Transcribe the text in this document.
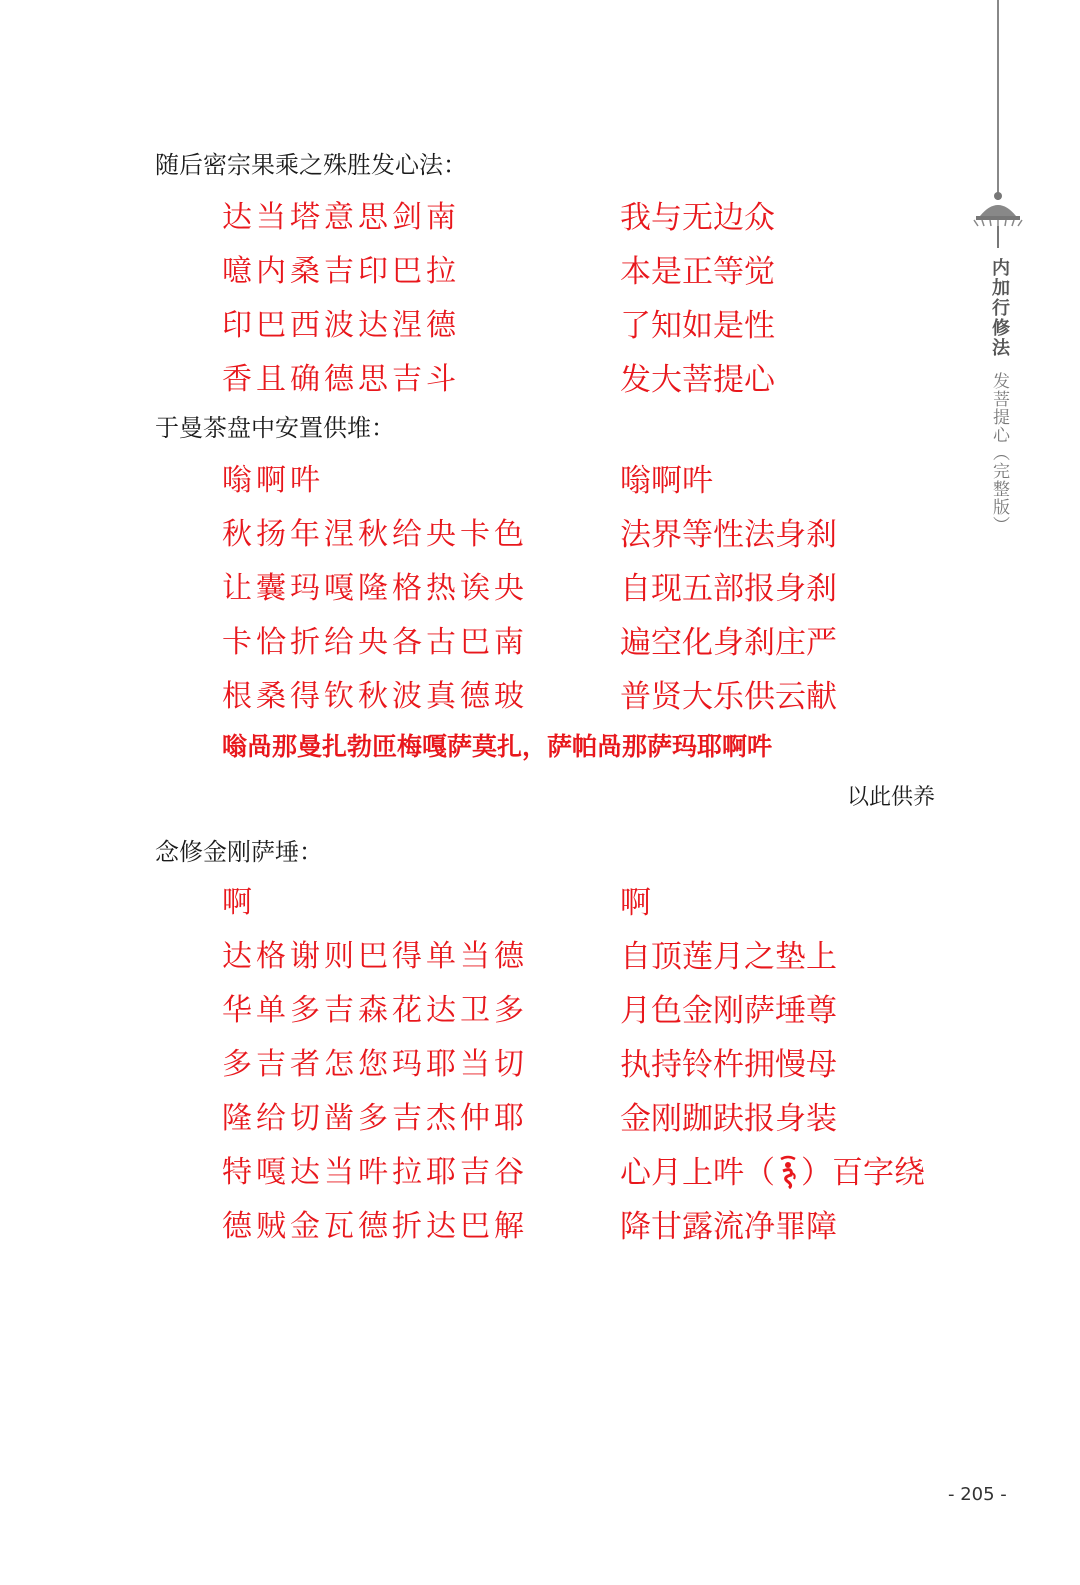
内加行修法
发菩提心（完整版）
随后密宗果乘之殊胜发心法：
达当塔意思剑南	我与无边众
噫内桑吉印巴拉	本是正等觉
印巴西波达涅德	了知如是性
香且确德思吉斗	发大菩提心
于曼茶盘中安置供堆：
嗡啊吽	嗡啊吽
秋扬年涅秋给央卡色	法界等性法身刹
让囊玛嘎隆格热诶央	自现五部报身刹
卡恰折给央各古巴南	遍空化身刹庄严
根桑得钦秋波真德玻	普贤大乐供云献
嗡咼那曼扎勃匝梅嘎萨莫扎，萨帕咼那萨玛耶啊吽
以此供养
念修金刚萨埵：
啊	啊
达格谢则巴得单当德	自顶莲月之垫上
华单多吉森花达卫多	月色金刚萨埵尊
多吉者怎您玛耶当切	执持铃杵拥慢母
隆给切凿多吉杰仲耶	金刚跏趺报身装
特嘎达当吽拉耶吉谷	心月上吽（ ）百字绕
德贼金瓦德折达巴解	降甘露流净罪障
- 205 -
